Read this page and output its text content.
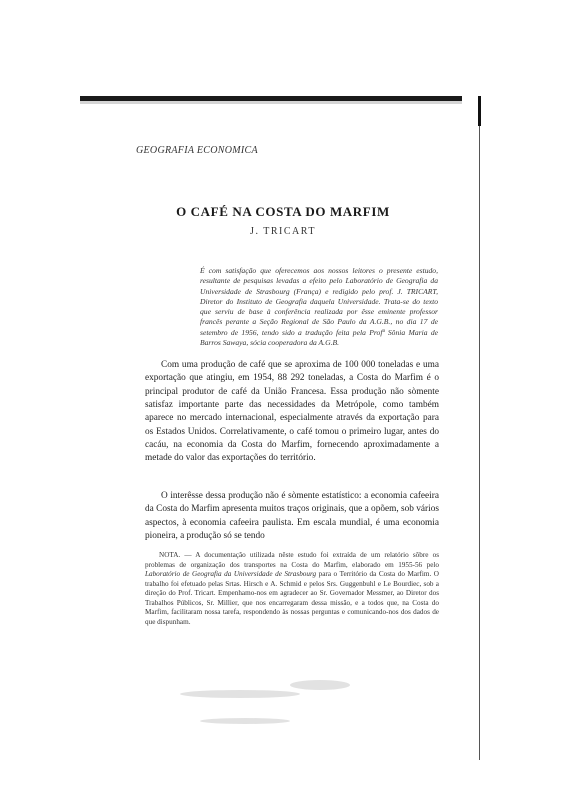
GEOGRAFIA ECONOMICA
O CAFÉ NA COSTA DO MARFIM
J. TRICART
É com satisfação que oferecemos aos nossos leitores o presente estudo, resultante de pesquisas levadas a efeito pelo Laboratório de Geografia da Universidade de Strasbourg (França) e redigido pelo prof. J. TRICART, Diretor do Instituto de Geografia daquela Universidade. Trata-se do texto que serviu de base à conferência realizada por êsse eminente professor francês perante a Seção Regional de São Paulo da A.G.B., no dia 17 de setembro de 1956, tendo sido a tradução feita pela Profª Sônia Maria de Barros Sawaya, sócia cooperadora da A.G.B.

Com uma produção de café que se aproxima de 100 000 toneladas e uma exportação que atingiu, em 1954, 88 292 toneladas, a Costa do Marfim é o principal produtor de café da União Francesa. Essa produção não sòmente satisfaz importante parte das necessidades da Metrópole, como também aparece no mercado internacional, especialmente através da exportação para os Estados Unidos. Correlativamente, o café tomou o primeiro lugar, antes do cacáu, na economia da Costa do Marfim, fornecendo aproximadamente a metade do valor das exportações do território.

O interêsse dessa produção não é sòmente estatístico: a economia cafeeira da Costa do Marfim apresenta muitos traços originais, que a opõem, sob vários aspectos, à economia cafeeira paulista. Em escala mundial, é uma economia pioneira, a produção só se tendo

NOTA. — A documentação utilizada nêste estudo foi extraída de um relatório sôbre os problemas de organização dos transportes na Costa do Marfim, elaborado em 1955-56 pelo Laboratório de Geografia da Universidade de Strasbourg para o Território da Costa do Marfim. O trabalho foi efetuado pelas Srtas. Hirsch e A. Schmid e pelos Srs. Guggenbuhl e Le Bourdiec, sob a direção do Prof. Tricart. Empenhamo-nos em agradecer ao Sr. Governador Messmer, ao Diretor dos Trabalhos Públicos, Sr. Millier, que nos encarregaram dessa missão, e a todos que, na Costa do Marfim, facilitaram nossa tarefa, respondendo às nossas perguntas e comunicando-nos dos dados de que dispunham.
